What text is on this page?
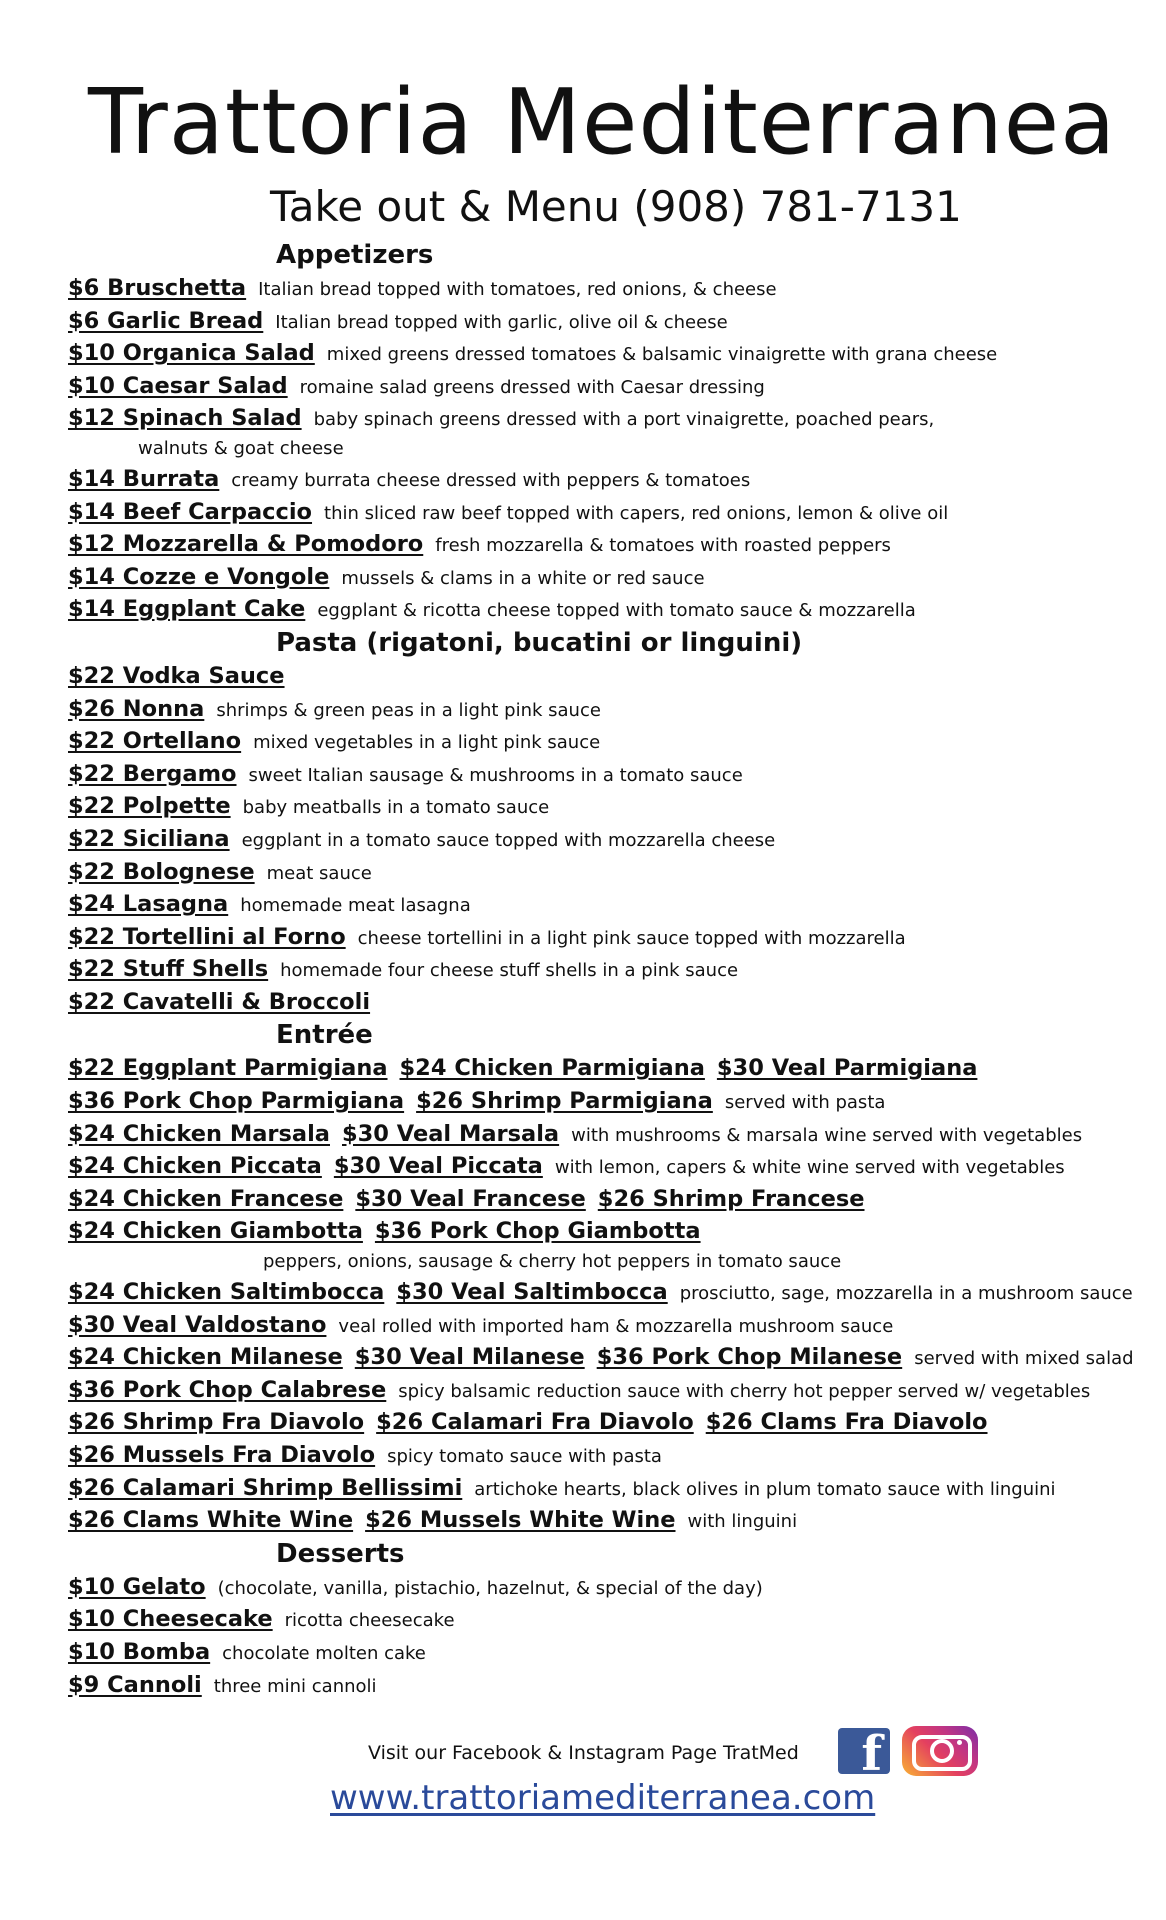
Trattoria Mediterranea
Take out & Menu (908) 781-7131
Appetizers
$6 Bruschetta Italian bread topped with tomatoes, red onions, & cheese
$6 Garlic Bread Italian bread topped with garlic, olive oil & cheese
$10 Organica Salad mixed greens dressed tomatoes & balsamic vinaigrette with grana cheese
$10 Caesar Salad romaine salad greens dressed with Caesar dressing
$12 Spinach Salad baby spinach greens dressed with a port vinaigrette, poached pears,
walnuts & goat cheese
$14 Burrata creamy burrata cheese dressed with peppers & tomatoes
$14 Beef Carpaccio thin sliced raw beef topped with capers, red onions, lemon & olive oil
$12 Mozzarella & Pomodoro fresh mozzarella & tomatoes with roasted peppers
$14 Cozze e Vongole mussels & clams in a white or red sauce
$14 Eggplant Cake eggplant & ricotta cheese topped with tomato sauce & mozzarella
Pasta (rigatoni, bucatini or linguini)
$22 Vodka Sauce
$26 Nonna shrimps & green peas in a light pink sauce
$22 Ortellano mixed vegetables in a light pink sauce
$22 Bergamo sweet Italian sausage & mushrooms in a tomato sauce
$22 Polpette baby meatballs in a tomato sauce
$22 Siciliana eggplant in a tomato sauce topped with mozzarella cheese
$22 Bolognese meat sauce
$24 Lasagna homemade meat lasagna
$22 Tortellini al Forno cheese tortellini in a light pink sauce topped with mozzarella
$22 Stuff Shells homemade four cheese stuff shells in a pink sauce
$22 Cavatelli & Broccoli
Entrée
$22 Eggplant Parmigiana $24 Chicken Parmigiana $30 Veal Parmigiana
$36 Pork Chop Parmigiana $26 Shrimp Parmigiana served with pasta
$24 Chicken Marsala $30 Veal Marsala with mushrooms & marsala wine served with vegetables
$24 Chicken Piccata $30 Veal Piccata with lemon, capers & white wine served with vegetables
$24 Chicken Francese $30 Veal Francese $26 Shrimp Francese
$24 Chicken Giambotta $36 Pork Chop Giambotta
peppers, onions, sausage & cherry hot peppers in tomato sauce
$24 Chicken Saltimbocca $30 Veal Saltimbocca prosciutto, sage, mozzarella in a mushroom sauce
$30 Veal Valdostano veal rolled with imported ham & mozzarella mushroom sauce
$24 Chicken Milanese $30 Veal Milanese $36 Pork Chop Milanese served with mixed salad
$36 Pork Chop Calabrese spicy balsamic reduction sauce with cherry hot pepper served w/ vegetables
$26 Shrimp Fra Diavolo $26 Calamari Fra Diavolo $26 Clams Fra Diavolo
$26 Mussels Fra Diavolo spicy tomato sauce with pasta
$26 Calamari Shrimp Bellissimi artichoke hearts, black olives in plum tomato sauce with linguini
$26 Clams White Wine $26 Mussels White Wine with linguini
Desserts
$10 Gelato (chocolate, vanilla, pistachio, hazelnut, & special of the day)
$10 Cheesecake ricotta cheesecake
$10 Bomba chocolate molten cake
$9 Cannoli three mini cannoli
Visit our Facebook & Instagram Page TratMed f
www.trattoriamediterranea.com
